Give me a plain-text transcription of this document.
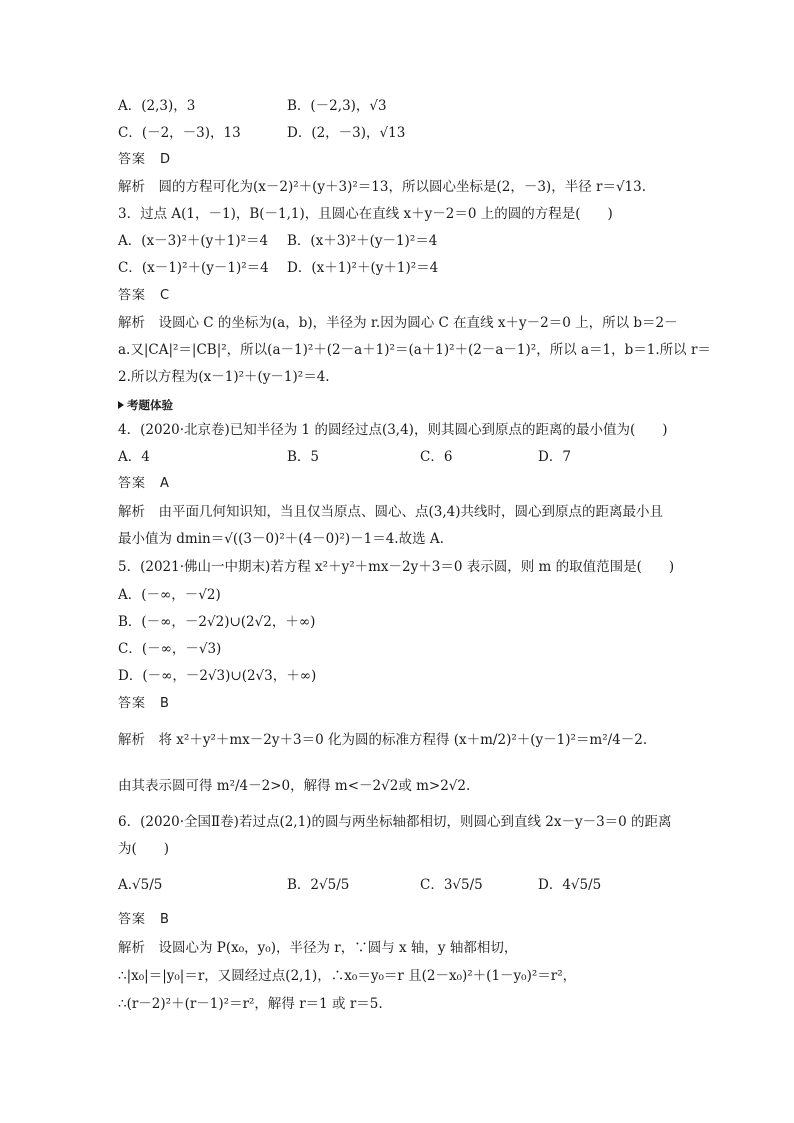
A．(2,3)，3	B．(－2,3)，√3
C．(－2，－3)，13	D．(2，－3)，√13
答案　D
解析　圆的方程可化为(x－2)²＋(y＋3)²＝13，所以圆心坐标是(2，－3)，半径 r＝√13.
3．过点 A(1，－1)，B(－1,1)，且圆心在直线 x＋y－2＝0 上的圆的方程是(　　)
A．(x－3)²＋(y＋1)²＝4 B．(x＋3)²＋(y－1)²＝4
C．(x－1)²＋(y－1)²＝4 D．(x＋1)²＋(y＋1)²＝4
答案　C
解析　设圆心 C 的坐标为(a，b)，半径为 r.因为圆心 C 在直线 x＋y－2＝0 上，所以 b＝2－
a.又|CA|²＝|CB|²，所以(a－1)²＋(2－a＋1)²＝(a＋1)²＋(2－a－1)²，所以 a＝1，b＝1.所以 r＝
2.所以方程为(x－1)²＋(y－1)²＝4.
考题体验
4．(2020·北京卷)已知半径为 1 的圆经过点(3,4)，则其圆心到原点的距离的最小值为(　　)
A．4	B．5	C．6	D．7
答案　A
解析　由平面几何知识知，当且仅当原点、圆心、点(3,4)共线时，圆心到原点的距离最小且
最小值为 dmin＝√((3－0)²＋(4－0)²)－1＝4.故选 A.
5．(2021·佛山一中期末)若方程 x²＋y²＋mx－2y＋3＝0 表示圆，则 m 的取值范围是(　　)
A．(－∞，－√2)
B．(－∞，－2√2)∪(2√2，＋∞)
C．(－∞，－√3)
D．(－∞，－2√3)∪(2√3，＋∞)
答案　B
解析　将 x²＋y²＋mx－2y＋3＝0 化为圆的标准方程得 (x＋m/2)²＋(y－1)²＝m²/4－2.
由其表示圆可得 m²/4－2>0，解得 m<－2√2或 m>2√2.
6．(2020·全国Ⅱ卷)若过点(2,1)的圆与两坐标轴都相切，则圆心到直线 2x－y－3＝0 的距离
为(　　)
A.√5/5	B．2√5/5	C．3√5/5	D．4√5/5
答案　B
解析　设圆心为 P(x₀，y₀)，半径为 r，∵圆与 x 轴，y 轴都相切，
∴|x₀|＝|y₀|＝r，又圆经过点(2,1)，∴x₀＝y₀＝r 且(2－x₀)²＋(1－y₀)²＝r²，
∴(r－2)²＋(r－1)²＝r²，解得 r＝1 或 r＝5.
